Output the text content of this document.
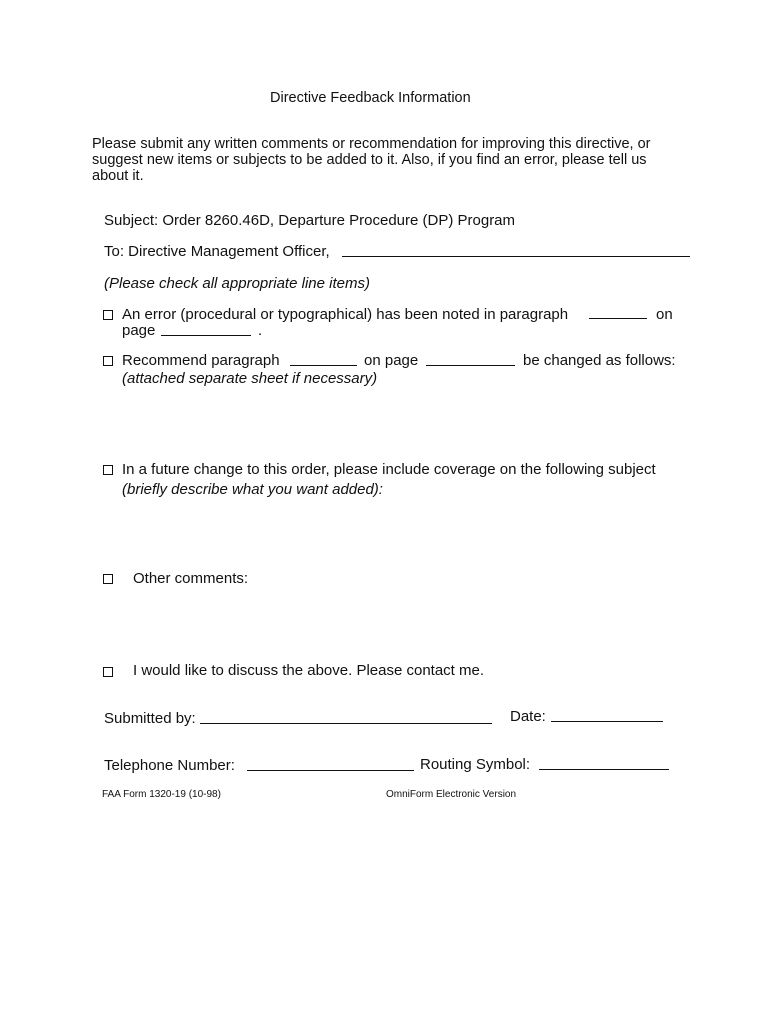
Directive Feedback Information
Please submit any written comments or recommendation for improving this directive, or
suggest new items or subjects to be added to it. Also, if you find an error, please tell us
about it.
Subject: Order 8260.46D, Departure Procedure (DP) Program
To: Directive Management Officer,
(Please check all appropriate line items)
An error (procedural or typographical) has been noted in paragraph	on
page	.
Recommend paragraph	on page	be changed as follows:
(attached separate sheet if necessary)
In a future change to this order, please include coverage on the following subject
(briefly describe what you want added):
Other comments:
I would like to discuss the above. Please contact me.
Submitted by:	Date:
Telephone Number:	Routing Symbol:
FAA Form 1320-19 (10-98)	OmniForm Electronic Version
